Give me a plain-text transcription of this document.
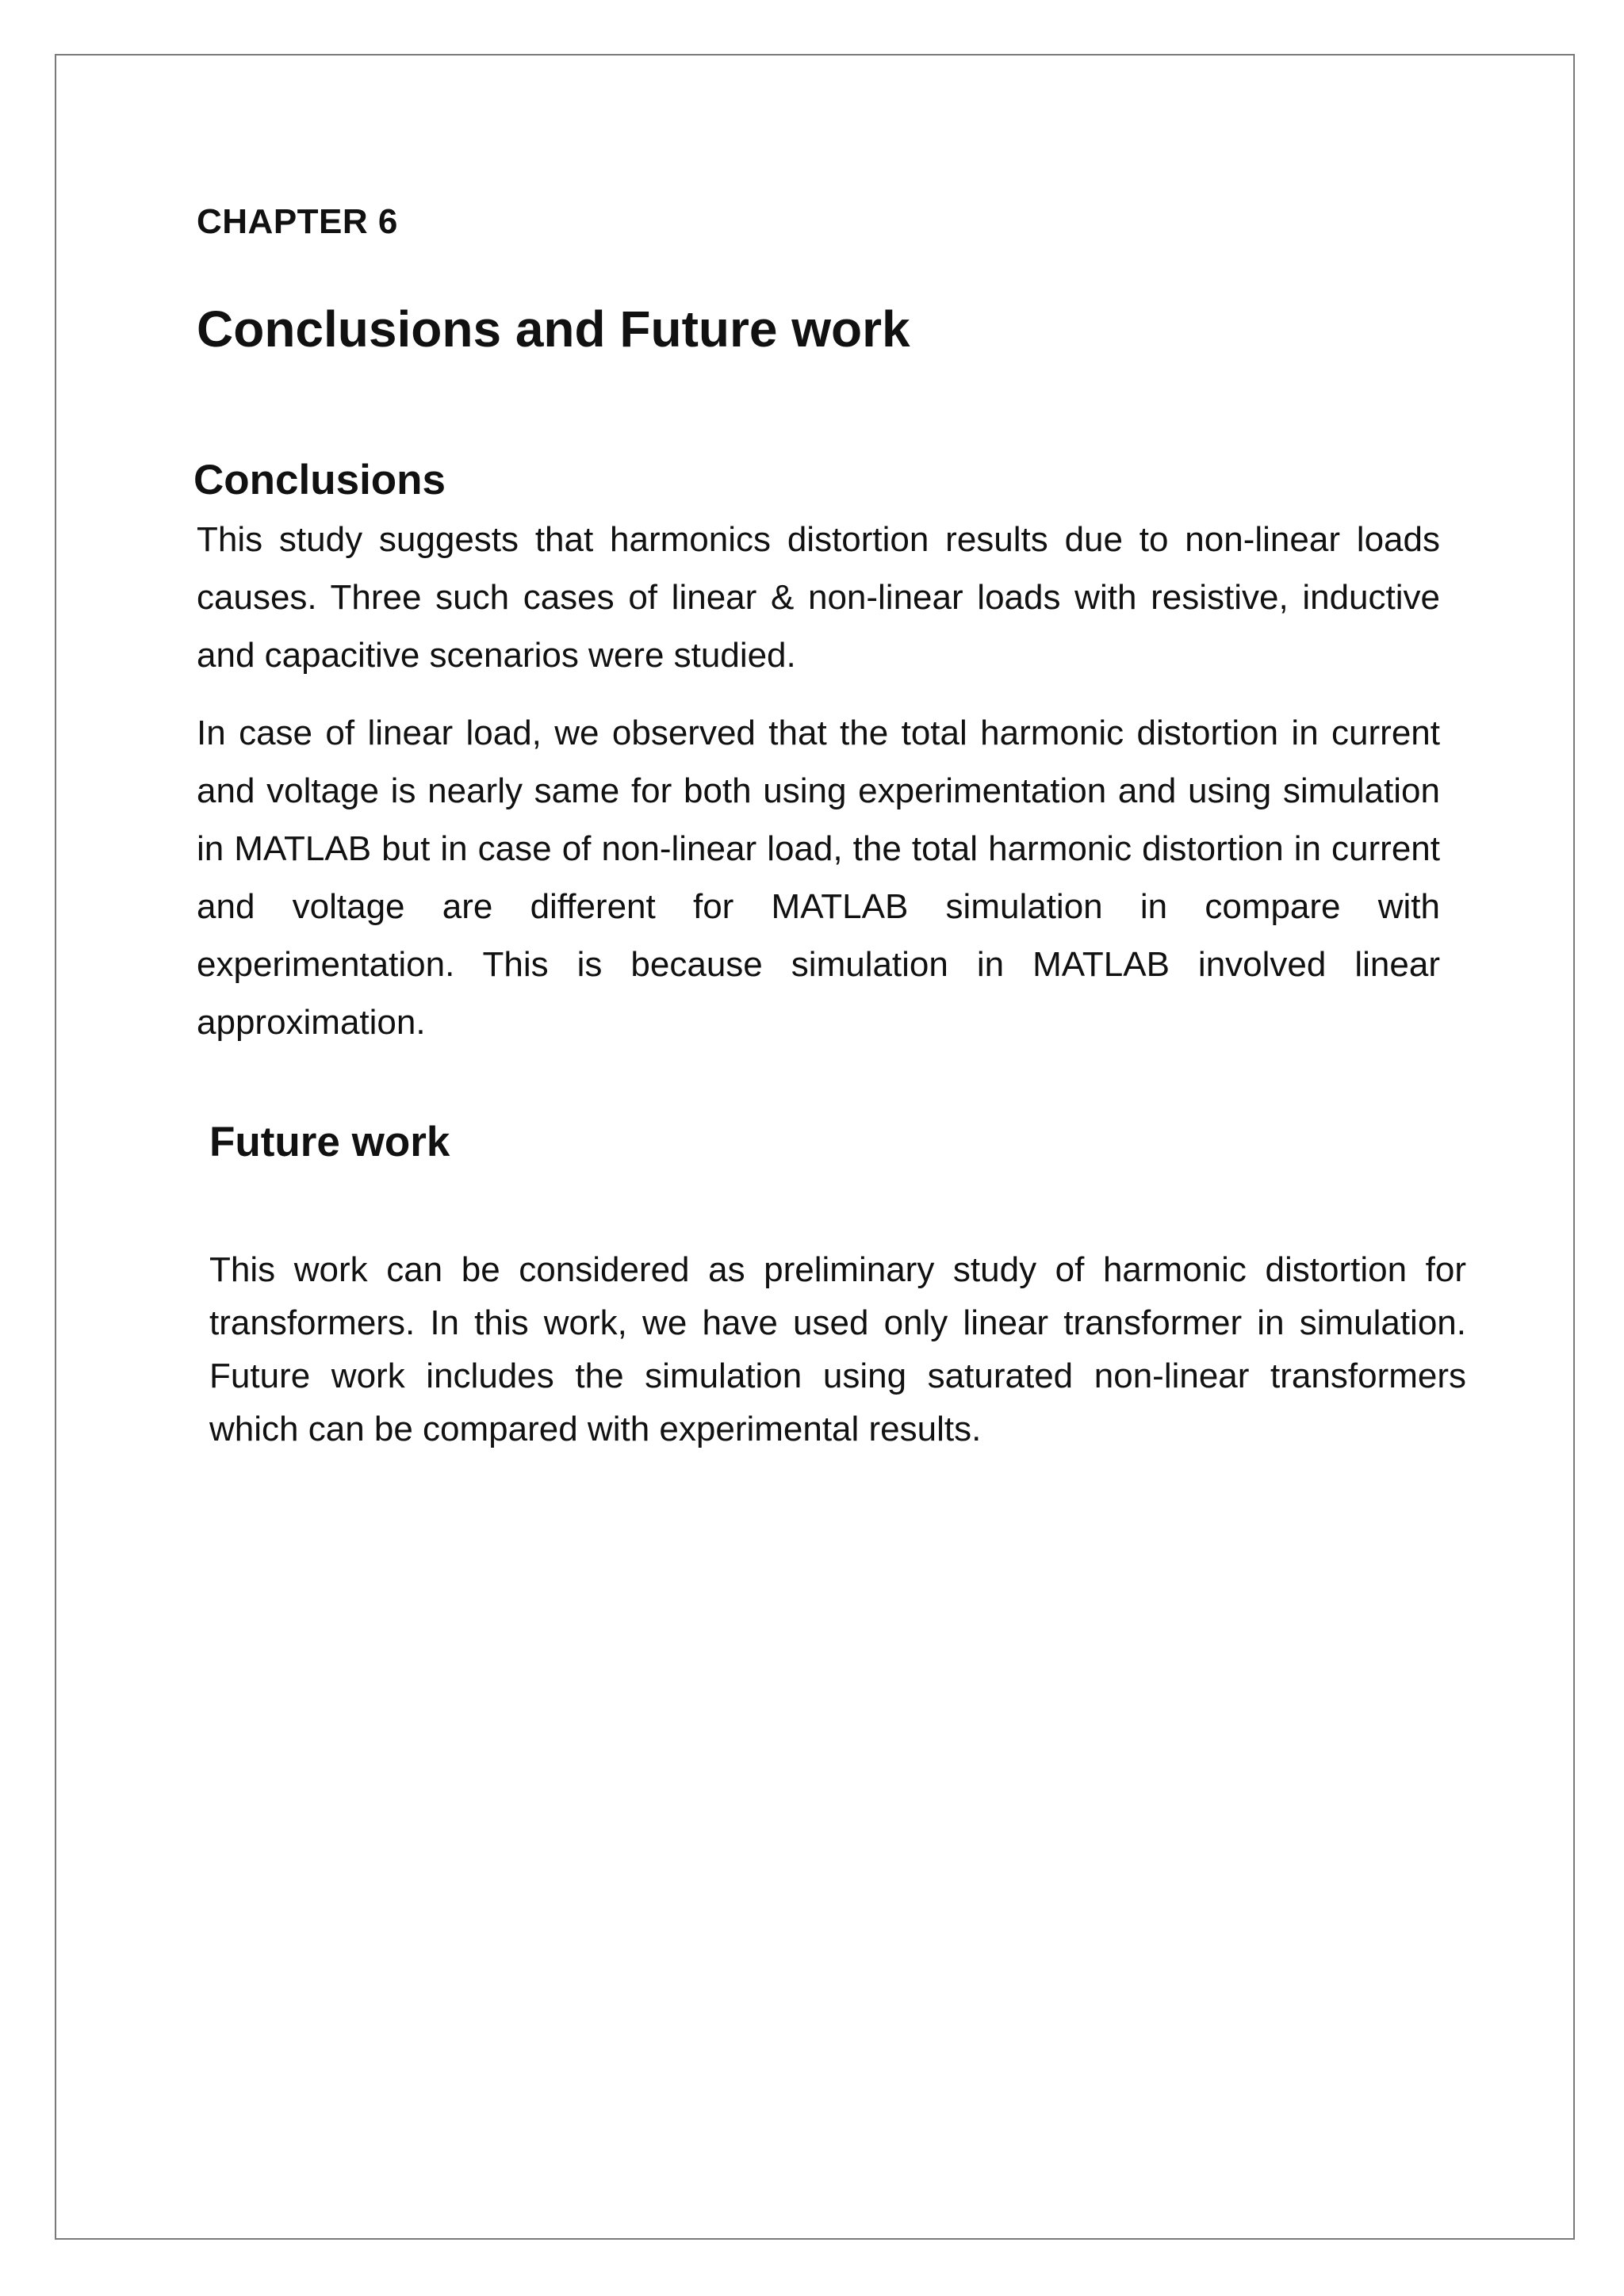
CHAPTER 6
Conclusions and Future work
Conclusions

This study suggests that harmonics distortion results due to non-linear loads causes. Three such cases of linear & non-linear loads with resistive, inductive and capacitive scenarios were studied.

In case of linear load, we observed that the total harmonic distortion in current and voltage is nearly same for both using experimentation and using simulation in MATLAB but in case of non-linear load, the total harmonic distortion in current and voltage are different for MATLAB simulation in compare with experimentation. This is because simulation in MATLAB involved linear approximation.

Future work

This work can be considered as preliminary study of harmonic distortion for transformers. In this work, we have used only linear transformer in simulation. Future work includes the simulation using saturated non-linear transformers which can be compared with experimental results.
